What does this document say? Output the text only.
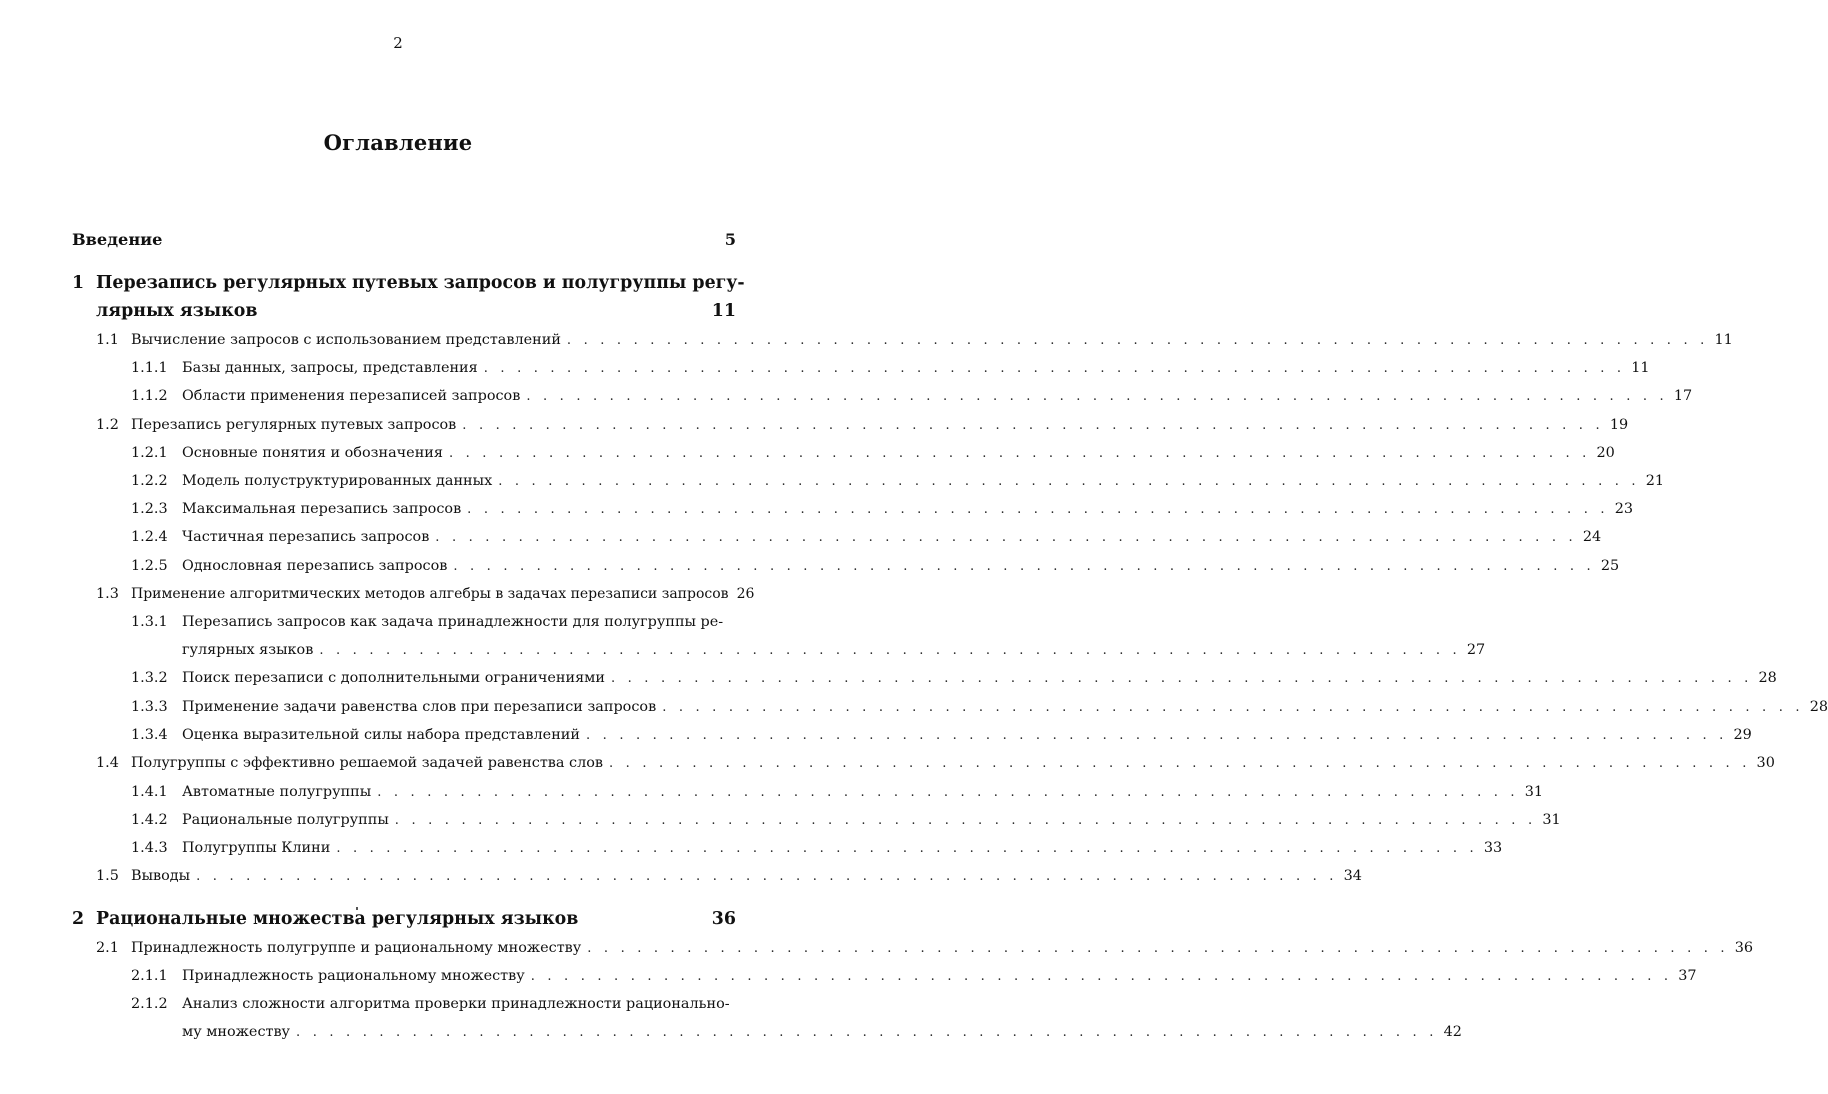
2
Оглавление
Введение	5
1 Перезапись регулярных путевых запросов и полугруппы регу-
лярных языков	11
1.1 Вычисление запросов с использованием представлений . . . . . . . . . . . . . . . . . . . . . . . . . . . . . . . . . . . . . . . . . . . . . . . . . . . . . . . . . . . . . . . . . . . . . 11
1.1.1 Базы данных, запросы, представления . . . . . . . . . . . . . . . . . . . . . . . . . . . . . . . . . . . . . . . . . . . . . . . . . . . . . . . . . . . . . . . . . . . . . 11
1.1.2 Области применения перезаписей запросов . . . . . . . . . . . . . . . . . . . . . . . . . . . . . . . . . . . . . . . . . . . . . . . . . . . . . . . . . . . . . . . . . . . . . 17
1.2 Перезапись регулярных путевых запросов . . . . . . . . . . . . . . . . . . . . . . . . . . . . . . . . . . . . . . . . . . . . . . . . . . . . . . . . . . . . . . . . . . . . . 19
1.2.1 Основные понятия и обозначения . . . . . . . . . . . . . . . . . . . . . . . . . . . . . . . . . . . . . . . . . . . . . . . . . . . . . . . . . . . . . . . . . . . . . 20
1.2.2 Модель полуструктурированных данных . . . . . . . . . . . . . . . . . . . . . . . . . . . . . . . . . . . . . . . . . . . . . . . . . . . . . . . . . . . . . . . . . . . . . 21
1.2.3 Максимальная перезапись запросов . . . . . . . . . . . . . . . . . . . . . . . . . . . . . . . . . . . . . . . . . . . . . . . . . . . . . . . . . . . . . . . . . . . . . 23
1.2.4 Частичная перезапись запросов . . . . . . . . . . . . . . . . . . . . . . . . . . . . . . . . . . . . . . . . . . . . . . . . . . . . . . . . . . . . . . . . . . . . . 24
1.2.5 Однословная перезапись запросов . . . . . . . . . . . . . . . . . . . . . . . . . . . . . . . . . . . . . . . . . . . . . . . . . . . . . . . . . . . . . . . . . . . . . 25
1.3 Применение алгоритмических методов алгебры в задачах перезаписи запросов 26
1.3.1 Перезапись запросов как задача принадлежности для полугруппы ре-
гулярных языков . . . . . . . . . . . . . . . . . . . . . . . . . . . . . . . . . . . . . . . . . . . . . . . . . . . . . . . . . . . . . . . . . . . . . 27
1.3.2 Поиск перезаписи с дополнительными ограничениями . . . . . . . . . . . . . . . . . . . . . . . . . . . . . . . . . . . . . . . . . . . . . . . . . . . . . . . . . . . . . . . . . . . . . 28
1.3.3 Применение задачи равенства слов при перезаписи запросов . . . . . . . . . . . . . . . . . . . . . . . . . . . . . . . . . . . . . . . . . . . . . . . . . . . . . . . . . . . . . . . . . . . . . 28
1.3.4 Оценка выразительной силы набора представлений . . . . . . . . . . . . . . . . . . . . . . . . . . . . . . . . . . . . . . . . . . . . . . . . . . . . . . . . . . . . . . . . . . . . . 29
1.4 Полугруппы с эффективно решаемой задачей равенства слов . . . . . . . . . . . . . . . . . . . . . . . . . . . . . . . . . . . . . . . . . . . . . . . . . . . . . . . . . . . . . . . . . . . . . 30
1.4.1 Автоматные полугруппы . . . . . . . . . . . . . . . . . . . . . . . . . . . . . . . . . . . . . . . . . . . . . . . . . . . . . . . . . . . . . . . . . . . . . 31
1.4.2 Рациональные полугруппы . . . . . . . . . . . . . . . . . . . . . . . . . . . . . . . . . . . . . . . . . . . . . . . . . . . . . . . . . . . . . . . . . . . . . 31
1.4.3 Полугруппы Клини . . . . . . . . . . . . . . . . . . . . . . . . . . . . . . . . . . . . . . . . . . . . . . . . . . . . . . . . . . . . . . . . . . . . . 33
1.5 Выводы . . . . . . . . . . . . . . . . . . . . . . . . . . . . . . . . . . . . . . . . . . . . . . . . . . . . . . . . . . . . . . . . . . . . . 34
2 Рациональные множества регулярных языков	36
2.1 Принадлежность полугруппе и рациональному множеству . . . . . . . . . . . . . . . . . . . . . . . . . . . . . . . . . . . . . . . . . . . . . . . . . . . . . . . . . . . . . . . . . . . . . 36
2.1.1 Принадлежность рациональному множеству . . . . . . . . . . . . . . . . . . . . . . . . . . . . . . . . . . . . . . . . . . . . . . . . . . . . . . . . . . . . . . . . . . . . . 37
2.1.2 Анализ сложности алгоритма проверки принадлежности рационально-
му множеству . . . . . . . . . . . . . . . . . . . . . . . . . . . . . . . . . . . . . . . . . . . . . . . . . . . . . . . . . . . . . . . . . . . . . 42
